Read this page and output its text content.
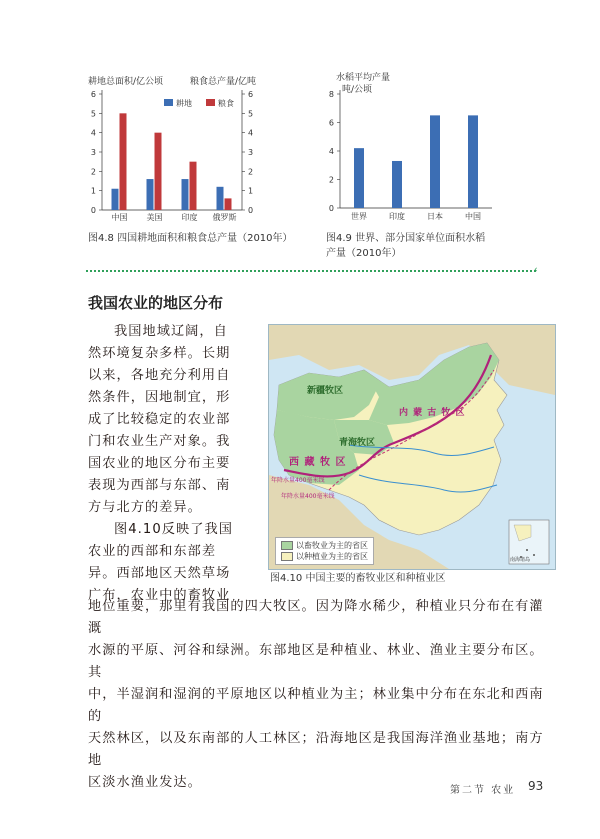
耕地总面积/亿公顷	粮食总产量/亿吨
0	0
1	1
2	2
3	3
4	4
5	5
6	6
中国 美国 印度 俄罗斯
耕地	粮食
图4.8 四国耕地面积和粮食总产量（2010年）
水稻平均产量
吨/公顷
0
2
4
6
8
世界	印度	日本	中国
图4.9 世界、部分国家单位面积水稻
产量（2010年）
‹
我国农业的地区分布
我国地域辽阔，自
然环境复杂多样。长期
以来，各地充分利用自
然条件，因地制宜，形
成了比较稳定的农业部
门和农业生产对象。我
国农业的地区分布主要
表现为西部与东部、南
方与北方的差异。
图4.10反映了我国
农业的西部和东部差
异。西部地区天然草场
广布，农业中的畜牧业
地位重要，那里有我国的四大牧区。因为降水稀少，种植业只分布在有灌溉
水源的平原、河谷和绿洲。东部地区是种植业、林业、渔业主要分布区。其
中，半湿润和湿润的平原地区以种植业为主；林业集中分布在东北和西南的
天然林区，以及东南部的人工林区；沿海地区是我国海洋渔业基地；南方地
区淡水渔业发达。
新疆牧区
内 蒙 古 牧 区
青海牧区
西 藏 牧 区
年降水量400毫米线
年降水量400毫米线
南海诸岛
以畜牧业为主的省区
以种植业为主的省区
图4.10 中国主要的畜牧业区和种植业区
第二节 农业 93
